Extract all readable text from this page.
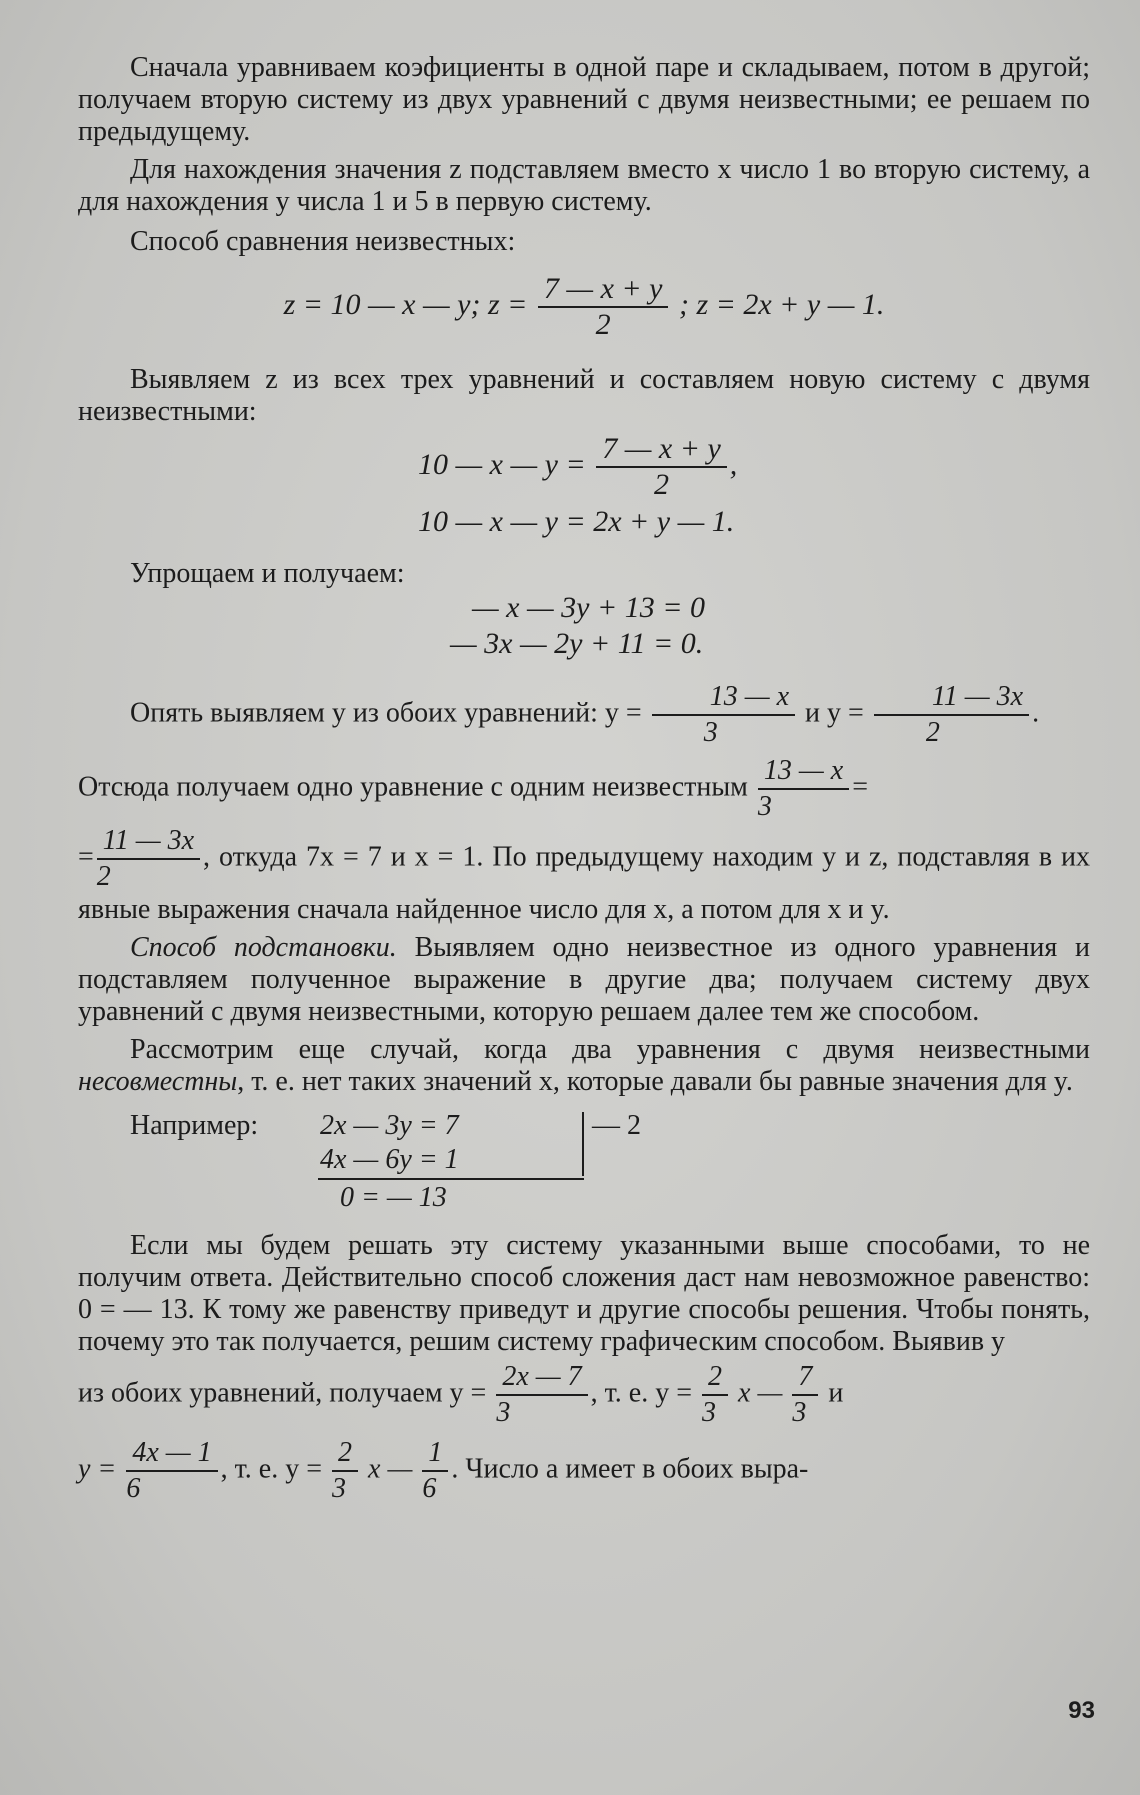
Сначала уравниваем коэфициенты в одной паре и складываем, потом в другой; получаем вторую систему из двух уравнений с двумя неизвестными; ее решаем по предыдущему.

Для нахождения значения z подставляем вместо x число 1 во вторую систему, а для нахождения y числа 1 и 5 в первую систему.

Способ сравнения неизвестных:

z = 10 — x — y; $z = \frac{7 — x + y}{2}$ ; z = 2x + y — 1.

Выявляем z из всех трех уравнений и составляем новую систему с двумя неизвестными:

10 — x — $y = \frac{7 — x + y}{2}$ ,
10 — x — y = 2x + y — 1.

Упрощаем и получаем:

— x — 3y + 13 = 0
— 3x — 2y + 11 = 0.

Опять выявляем y из обоих уравнений: $y = \frac{13 — x}{3}$ и $y = \frac{11 — 3x}{2}$ .

Отсюда получаем одно уравнение с одним неизвестным $\frac{13 — x}{3}$ =
= $\frac{11 — 3x}{2}$ , откуда 7x = 7 и x = 1. По предыдущему находим y и z, подставляя в их явные выражения сначала найденное число для x, а потом для x и y.

Способ подстановки. Выявляем одно неизвестное из одного уравнения и подставляем полученное выражение в другие два; получаем систему двух уравнений с двумя неизвестными, которую решаем далее тем же способом.

Рассмотрим еще случай, когда два уравнения с двумя неизвестными несовместны, т. е. нет таких значений x, которые давали бы равные значения для y.

Например: 2x — 3y = 7
4x — 6y = 1
0 = — 13
— 2

Если мы будем решать эту систему указанными выше способами, то не получим ответа. Действительно способ сложения даст нам невозможное равенство: 0 = — 13. К тому же равенству приведут и другие способы решения. Чтобы понять, почему это так получается, решим систему графическим способом. Выявив y

из обоих уравнений, получаем $y = \frac{2x — 7}{3}$ , т. е. $y = \frac{2}{3}$ x — $\frac{7}{3}$ и

$y = \frac{4x — 1}{6}$ , т. е. $y = \frac{2}{3}$ x — $\frac{1}{6}$ . Число a имеет в обоих выра-

93
